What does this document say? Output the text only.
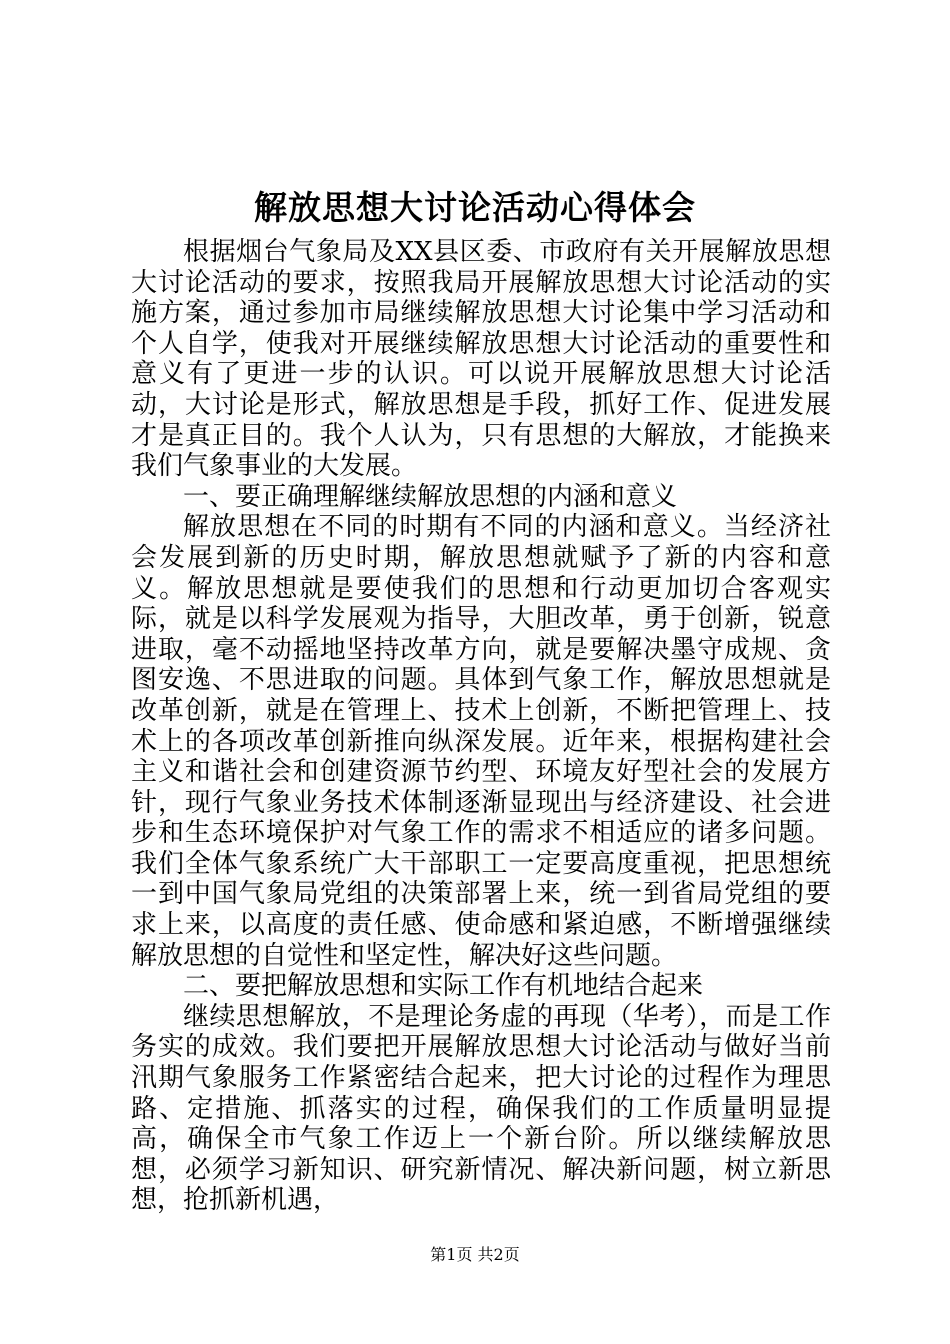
解放思想大讨论活动心得体会

根据烟台气象局及XX县区委、市政府有关开展解放思想大讨论活动的要求，按照我局开展解放思想大讨论活动的实施方案，通过参加市局继续解放思想大讨论集中学习活动和个人自学，使我对开展继续解放思想大讨论活动的重要性和意义有了更进一步的认识。可以说开展解放思想大讨论活动，大讨论是形式，解放思想是手段，抓好工作、促进发展才是真正目的。我个人认为，只有思想的大解放，才能换来我们气象事业的大发展。

一、要正确理解继续解放思想的内涵和意义

解放思想在不同的时期有不同的内涵和意义。当经济社会发展到新的历史时期，解放思想就赋予了新的内容和意义。解放思想就是要使我们的思想和行动更加切合客观实际，就是以科学发展观为指导，大胆改革，勇于创新，锐意进取，毫不动摇地坚持改革方向，就是要解决墨守成规、贪图安逸、不思进取的问题。具体到气象工作，解放思想就是改革创新，就是在管理上、技术上创新，不断把管理上、技术上的各项改革创新推向纵深发展。近年来，根据构建社会主义和谐社会和创建资源节约型、环境友好型社会的发展方针，现行气象业务技术体制逐渐显现出与经济建设、社会进步和生态环境保护对气象工作的需求不相适应的诸多问题。我们全体气象系统广大干部职工一定要高度重视，把思想统一到中国气象局党组的决策部署上来，统一到省局党组的要求上来，以高度的责任感、使命感和紧迫感，不断增强继续解放思想的自觉性和坚定性，解决好这些问题。

二、要把解放思想和实际工作有机地结合起来

继续思想解放，不是理论务虚的再现（华考），而是工作务实的成效。我们要把开展解放思想大讨论活动与做好当前汛期气象服务工作紧密结合起来，把大讨论的过程作为理思路、定措施、抓落实的过程，确保我们的工作质量明显提高，确保全市气象工作迈上一个新台阶。所以继续解放思想，必须学习新知识、研究新情况、解决新问题，树立新思想，抢抓新机遇，

第1页 共2页
